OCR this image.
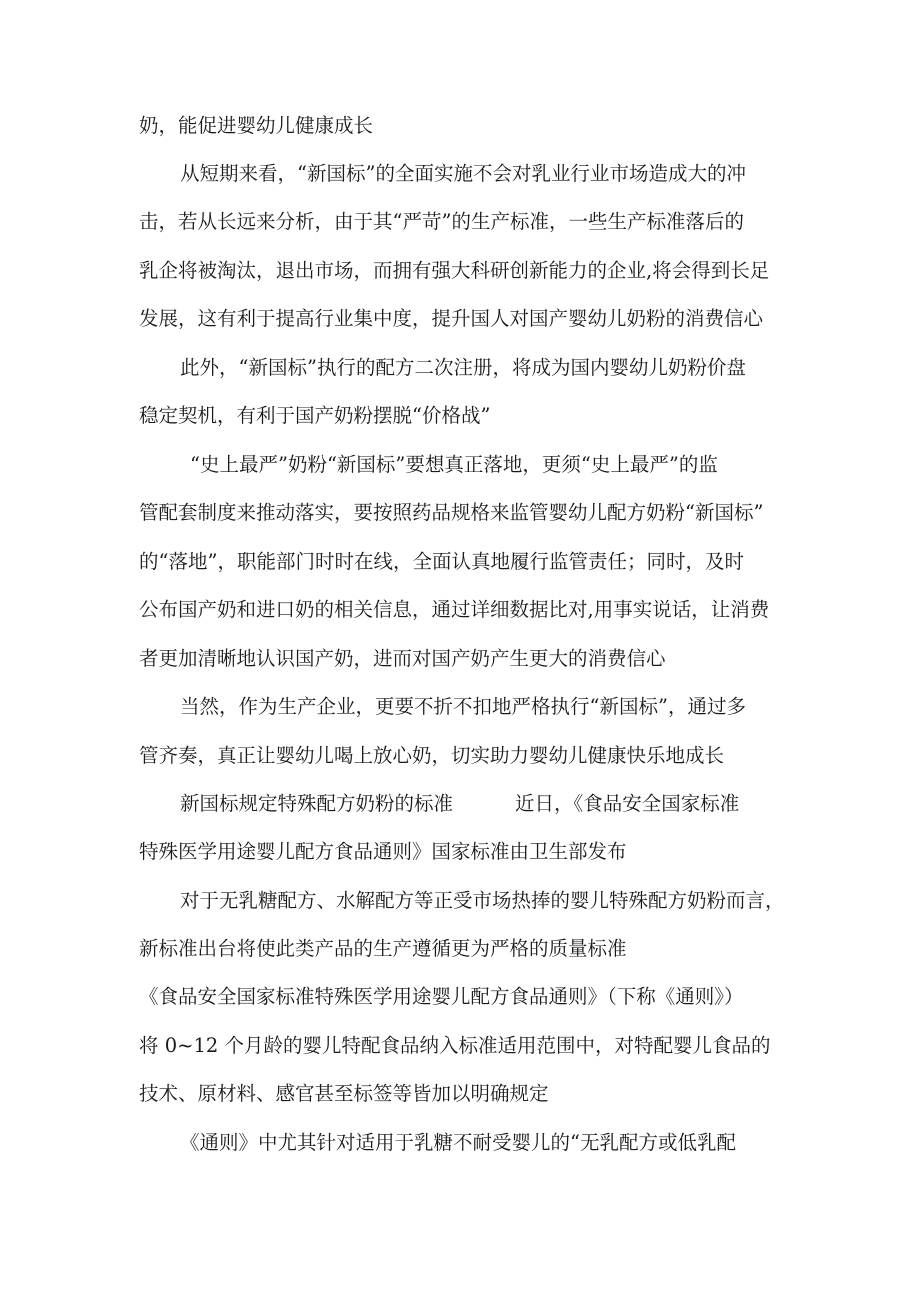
奶，能促进婴幼儿健康成长
从短期来看，“新国标”的全面实施不会对乳业行业市场造成大的冲
击，若从长远来分析，由于其“严苛”的生产标准，一些生产标准落后的
乳企将被淘汰，退出市场，而拥有强大科研创新能力的企业,将会得到长足
发展，这有利于提高行业集中度，提升国人对国产婴幼儿奶粉的消费信心
此外，“新国标”执行的配方二次注册，将成为国内婴幼儿奶粉价盘
稳定契机，有利于国产奶粉摆脱“价格战”
“史上最严”奶粉“新国标”要想真正落地，更须“史上最严”的监
管配套制度来推动落实，要按照药品规格来监管婴幼儿配方奶粉“新国标”
的“落地”，职能部门时时在线，全面认真地履行监管责任；同时，及时
公布国产奶和进口奶的相关信息，通过详细数据比对,用事实说话，让消费
者更加清晰地认识国产奶，进而对国产奶产生更大的消费信心
当然，作为生产企业，更要不折不扣地严格执行“新国标”，通过多
管齐奏，真正让婴幼儿喝上放心奶，切实助力婴幼儿健康快乐地成长
新国标规定特殊配方奶粉的标准          近日，《食品安全国家标准
特殊医学用途婴儿配方食品通则》国家标准由卫生部发布
对于无乳糖配方、水解配方等正受市场热捧的婴儿特殊配方奶粉而言，
新标准出台将使此类产品的生产遵循更为严格的质量标准
《食品安全国家标准特殊医学用途婴儿配方食品通则》（下称《通则》）
将 0~12 个月龄的婴儿特配食品纳入标准适用范围中，对特配婴儿食品的
技术、原材料、感官甚至标签等皆加以明确规定
《通则》中尤其针对适用于乳糖不耐受婴儿的“无乳配方或低乳配
